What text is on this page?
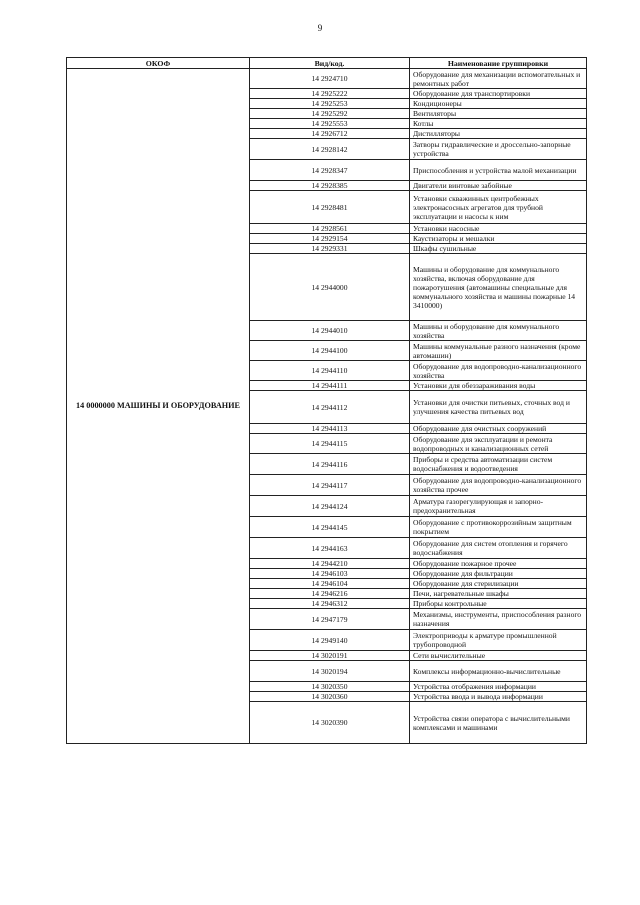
9
ОКОФ	Вид/код.	Наименование группировки
14 0000000 МАШИНЫ И ОБОРУДОВАНИЕ	14 2924710	Оборудование для механизации вспомогательных и ремонтных работ
	14 2925222	Оборудование для транспортировки
	14 2925253	Кондиционеры
	14 2925292	Вентиляторы
	14 2925553	Котлы
	14 2926712	Дистилляторы
	14 2928142	Затворы гидравлические и дроссельно-запорные устройства
	14 2928347	Приспособления и устройства малой механизации
	14 2928385	Двигатели винтовые забойные
	14 2928481	Установки скважинных центробежных электронасосных агрегатов для трубной эксплуатации и насосы к ним
	14 2928561	Установки насосные
	14 2929154	Каустизаторы и мешалки
	14 2929331	Шкафы сушильные
	14 2944000	Машины и оборудование для коммунального хозяйства, включая оборудование для пожаротушения (автомашины специальные для коммунального хозяйства и машины пожарные 14 3410000)
	14 2944010	Машины и оборудование для коммунального хозяйства
	14 2944100	Машины коммунальные разного назначения (кроме автомашин)
	14 2944110	Оборудование для водопроводно-канализационного хозяйства
	14 2944111	Установки для обеззараживания воды
	14 2944112	Установки для очистки питьевых, сточных вод и улучшения качества питьевых вод
	14 2944113	Оборудование для очистных сооружений
	14 2944115	Оборудование для эксплуатации и ремонта водопроводных и канализационных сетей
	14 2944116	Приборы и средства автоматизации систем водоснабжения и водоотведения
	14 2944117	Оборудование для водопроводно-канализационного хозяйства прочее
	14 2944124	Арматура газорегулирующая и запорно-предохранительная
	14 2944145	Оборудование с противокоррозийным защитным покрытием
	14 2944163	Оборудование для систем отопления и горячего водоснабжения
	14 2944210	Оборудование пожарное прочее
	14 2946103	Оборудование для фильтрации
	14 2946104	Оборудование для стерилизации
	14 2946216	Печи, нагревательные шкафы
	14 2946312	Приборы контрольные
	14 2947179	Механизмы, инструменты, приспособления разного назначения
	14 2949140	Электроприводы к арматуре промышленной трубопроводной
	14 3020191	Сети вычислительные
	14 3020194	Комплексы информационно-вычислительные
	14 3020350	Устройства отображения информации
	14 3020360	Устройства ввода и вывода информации
	14 3020390	Устройства связи оператора с вычислительными комплексами и машинами
